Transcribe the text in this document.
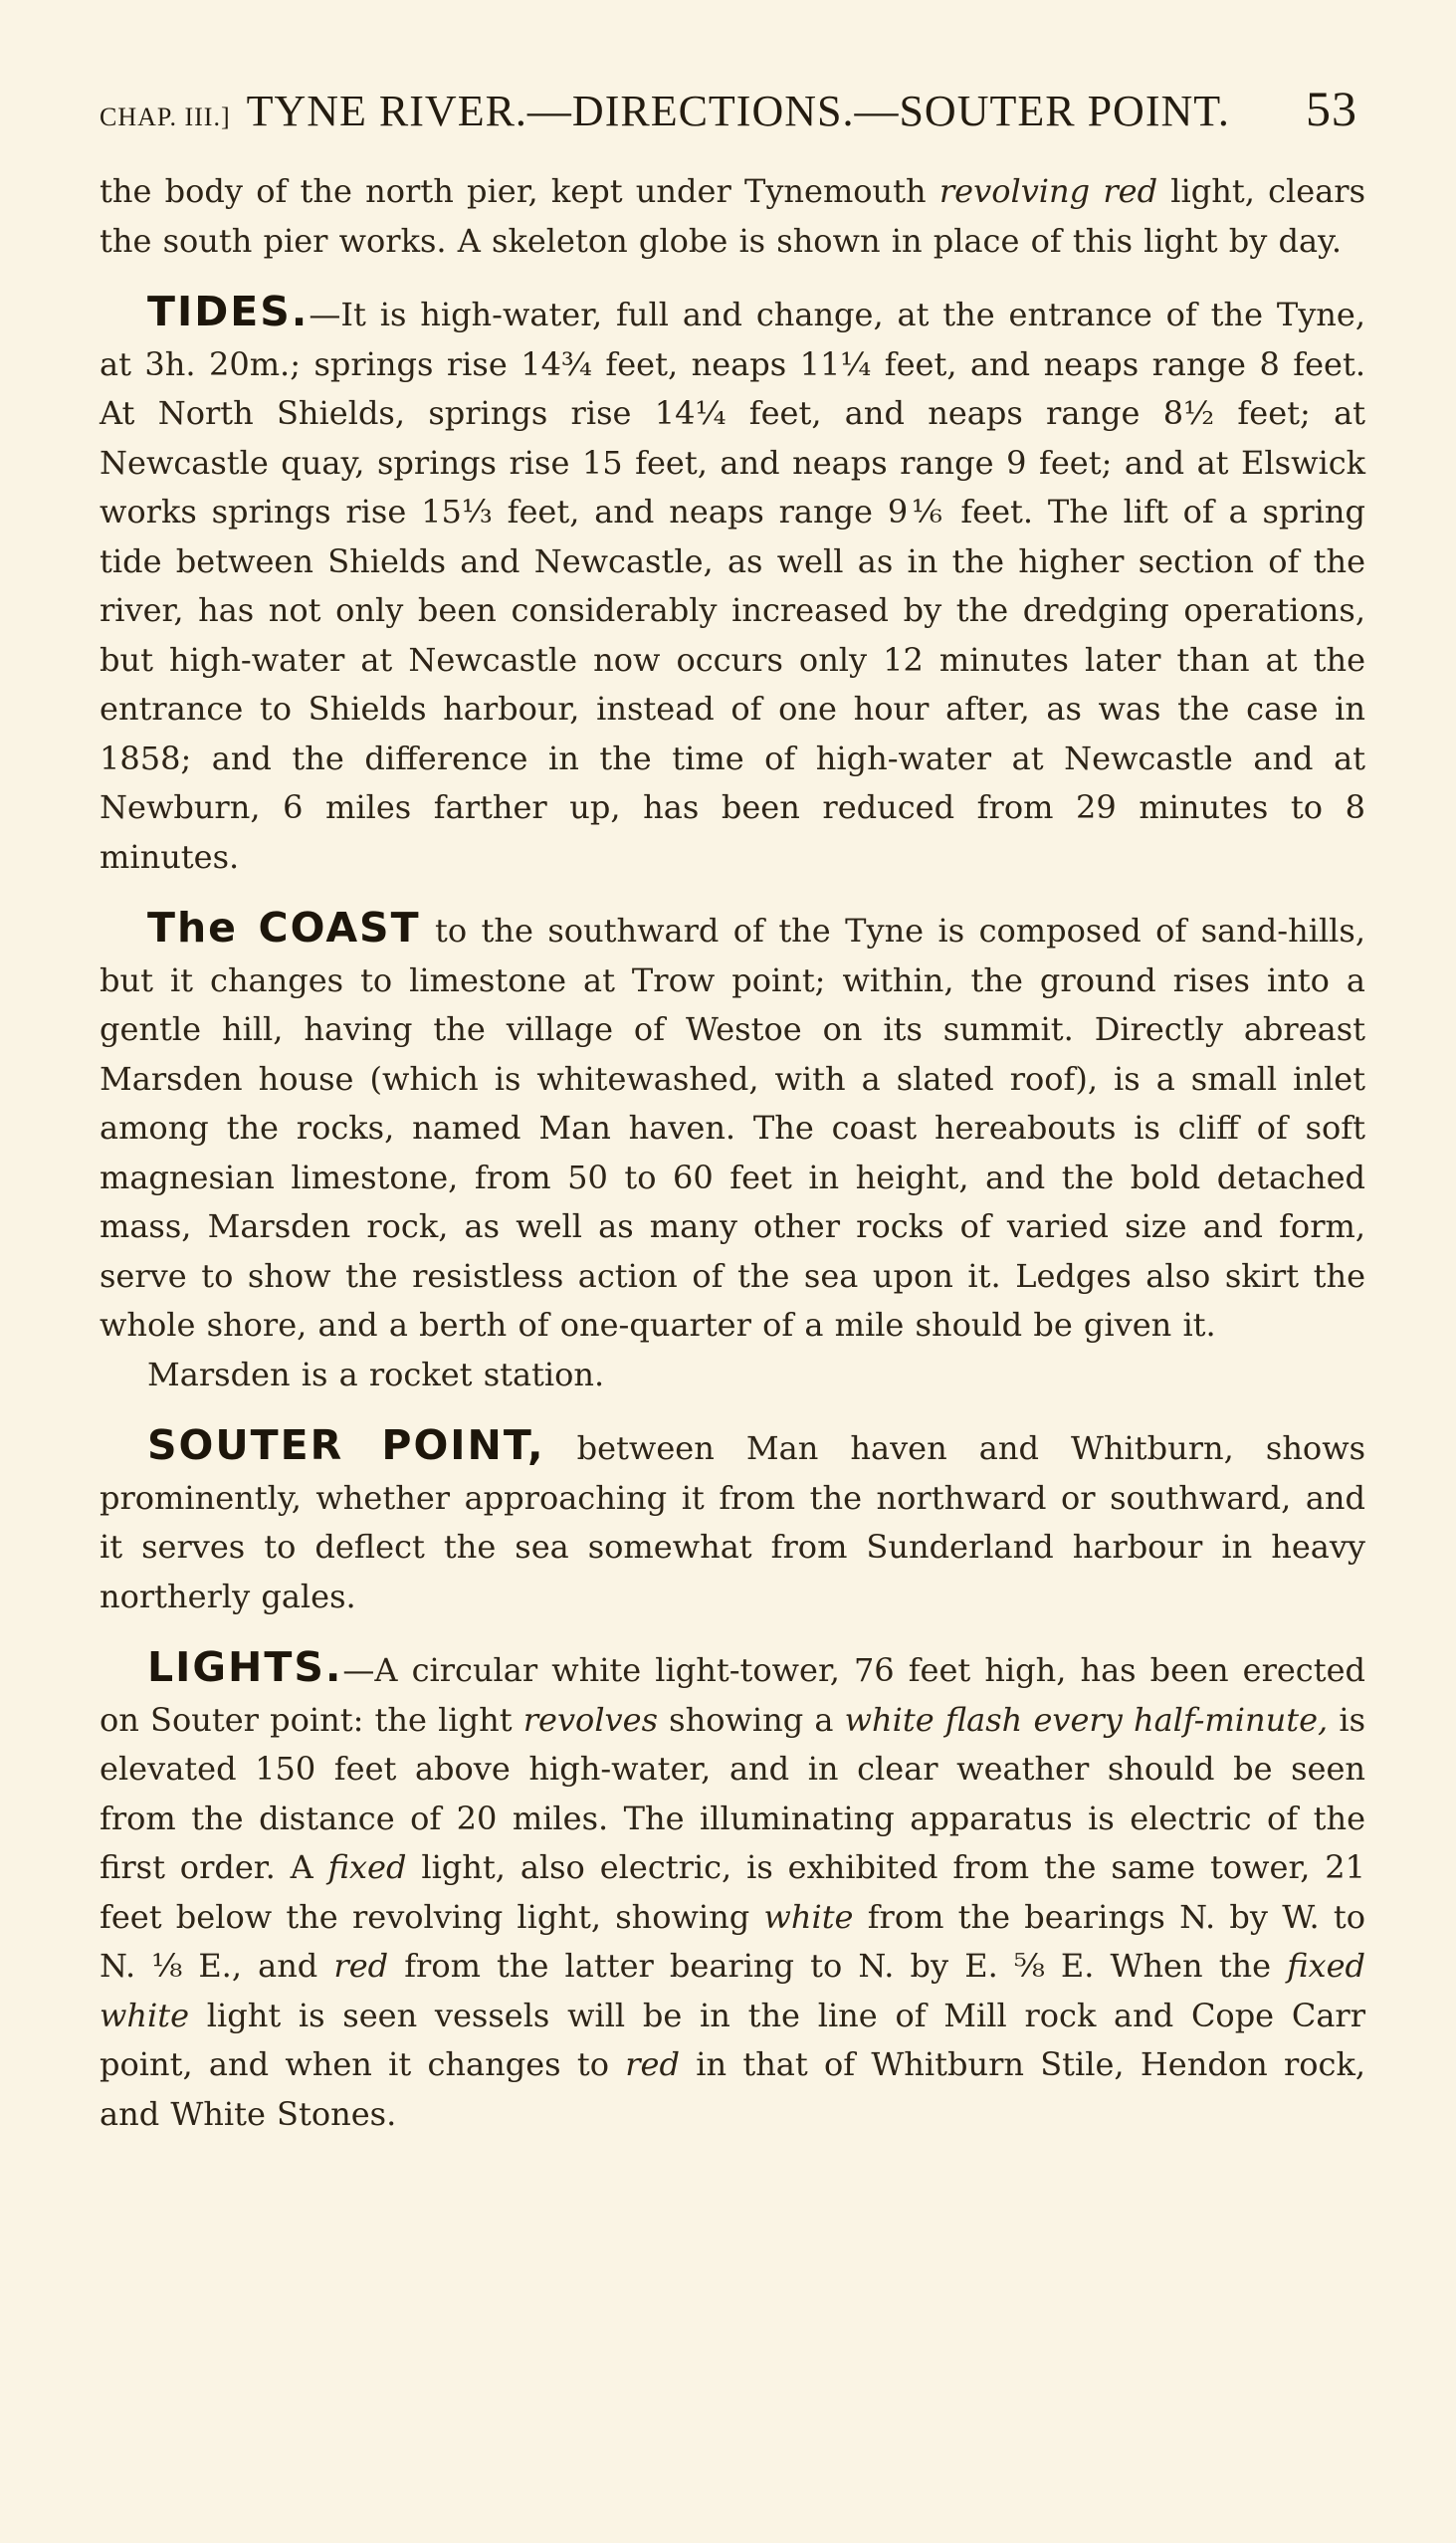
CHAP. III.] TYNE RIVER.—DIRECTIONS.—SOUTER POINT. 53

the body of the north pier, kept under Tynemouth revolving red light, clears the south pier works. A skeleton globe is shown in place of this light by day.

TIDES.—It is high-water, full and change, at the entrance of the Tyne, at 3h. 20m.; springs rise 14¾ feet, neaps 11¼ feet, and neaps range 8 feet. At North Shields, springs rise 14¼ feet, and neaps range 8½ feet; at Newcastle quay, springs rise 15 feet, and neaps range 9 feet; and at Elswick works springs rise 15⅓ feet, and neaps range 9⅙ feet. The lift of a spring tide between Shields and Newcastle, as well as in the higher section of the river, has not only been considerably increased by the dredging operations, but high-water at Newcastle now occurs only 12 minutes later than at the entrance to Shields harbour, instead of one hour after, as was the case in 1858; and the difference in the time of high-water at Newcastle and at Newburn, 6 miles farther up, has been reduced from 29 minutes to 8 minutes.

The COAST to the southward of the Tyne is composed of sand-hills, but it changes to limestone at Trow point; within, the ground rises into a gentle hill, having the village of Westoe on its summit. Directly abreast Marsden house (which is whitewashed, with a slated roof), is a small inlet among the rocks, named Man haven. The coast hereabouts is cliff of soft magnesian limestone, from 50 to 60 feet in height, and the bold detached mass, Marsden rock, as well as many other rocks of varied size and form, serve to show the resistless action of the sea upon it. Ledges also skirt the whole shore, and a berth of one-quarter of a mile should be given it.

Marsden is a rocket station.

SOUTER POINT, between Man haven and Whitburn, shows prominently, whether approaching it from the northward or southward, and it serves to deflect the sea somewhat from Sunderland harbour in heavy northerly gales.

LIGHTS.—A circular white light-tower, 76 feet high, has been erected on Souter point: the light revolves showing a white flash every half-minute, is elevated 150 feet above high-water, and in clear weather should be seen from the distance of 20 miles. The illuminating apparatus is electric of the first order. A fixed light, also electric, is exhibited from the same tower, 21 feet below the revolving light, showing white from the bearings N. by W. to N. ⅛ E., and red from the latter bearing to N. by E. ⅝ E. When the fixed white light is seen vessels will be in the line of Mill rock and Cope Carr point, and when it changes to red in that of Whitburn Stile, Hendon rock, and White Stones.
